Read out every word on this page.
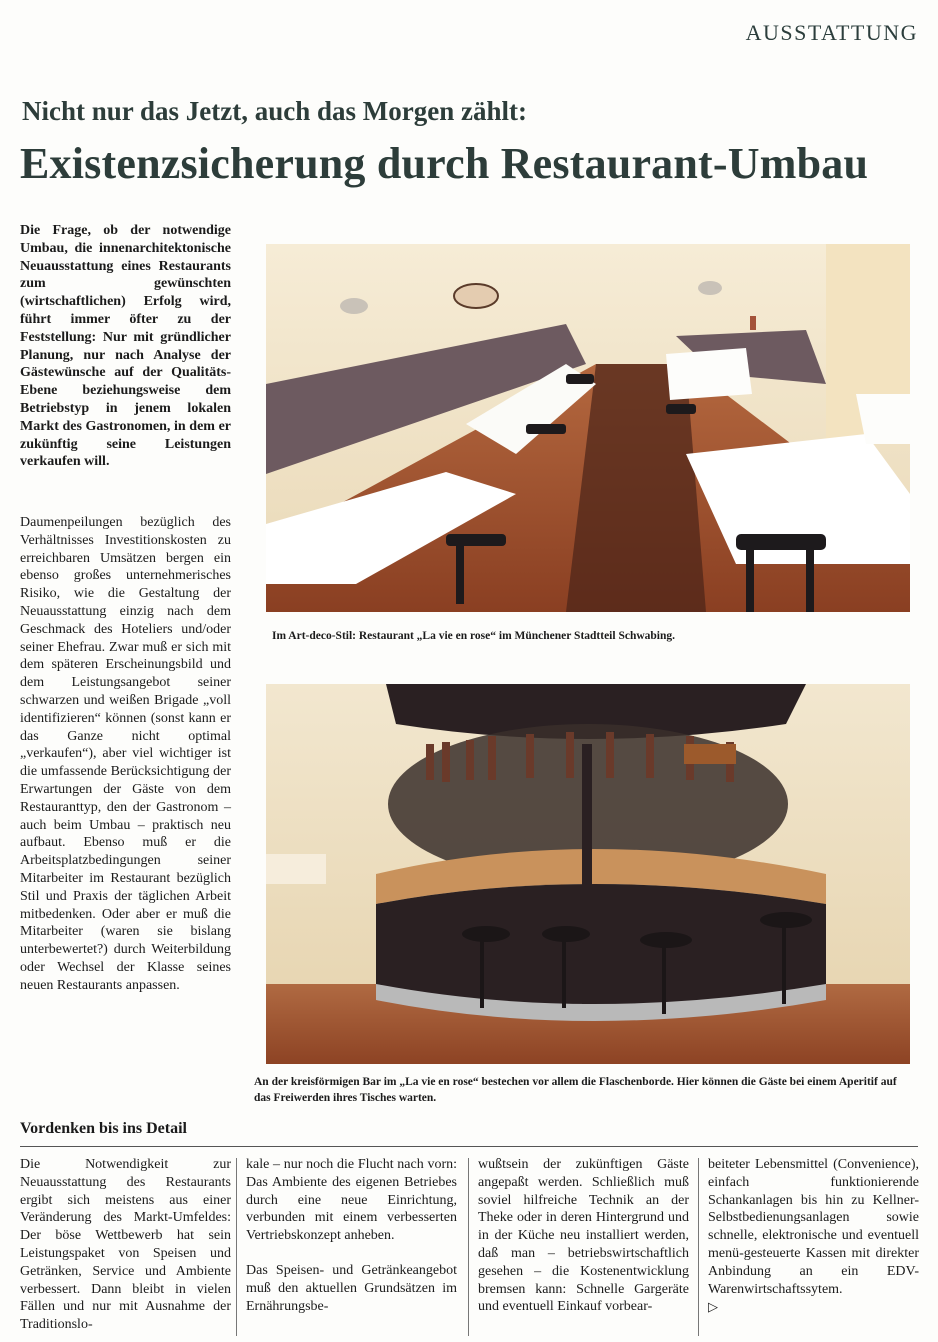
AUSSTATTUNG
Nicht nur das Jetzt, auch das Morgen zählt:
Existenzsicherung durch Restaurant-Umbau
Die Frage, ob der notwendige Umbau, die innenarchitektonische Neuausstattung eines Restaurants zum gewünschten (wirtschaftlichen) Erfolg wird, führt immer öfter zu der Feststellung: Nur mit gründlicher Planung, nur nach Analyse der Gästewünsche auf der Qualitäts-Ebene beziehungsweise dem Betriebstyp in jenem lokalen Markt des Gastronomen, in dem er zukünftig seine Leistungen verkaufen will.
Daumenpeilungen bezüglich des Verhältnisses Investitionskosten zu erreichbaren Umsätzen bergen ein ebenso großes unternehmerisches Risiko, wie die Gestaltung der Neuausstattung einzig nach dem Geschmack des Hoteliers und/oder seiner Ehefrau. Zwar muß er sich mit dem späteren Erscheinungsbild und dem Leistungsangebot seiner schwarzen und weißen Brigade „voll identifizieren“ können (sonst kann er das Ganze nicht optimal „verkaufen“), aber viel wichtiger ist die umfassende Berücksichtigung der Erwartungen der Gäste von dem Restauranttyp, den der Gastronom – auch beim Umbau – praktisch neu aufbaut. Ebenso muß er die Arbeitsplatzbedingungen seiner Mitarbeiter im Restaurant bezüglich Stil und Praxis der täglichen Arbeit mitbedenken. Oder aber er muß die Mitarbeiter (waren sie bislang unterbewertet?) durch Weiterbildung oder Wechsel der Klasse seines neuen Restaurants anpassen.
Im Art-deco-Stil: Restaurant „La vie en rose“ im Münchener Stadtteil Schwabing.
An der kreisförmigen Bar im „La vie en rose“ bestechen vor allem die Flaschenborde. Hier können die Gäste bei einem Aperitif auf das Freiwerden ihres Tisches warten.
Vordenken bis ins Detail
Die Notwendigkeit zur Neuausstattung des Restaurants ergibt sich meistens aus einer Veränderung des Markt-Umfeldes: Der böse Wettbewerb hat sein Leistungspaket von Speisen und Getränken, Service und Ambiente verbessert. Dann bleibt in vielen Fällen und nur mit Ausnahme der Traditionslo-

kale – nur noch die Flucht nach vorn: Das Ambiente des eigenen Betriebes durch eine neue Einrichtung, verbunden mit einem verbesserten Vertriebskonzept anheben.

Das Speisen- und Getränkeangebot muß den aktuellen Grundsätzen im Ernährungsbe-

wußtsein der zukünftigen Gäste angepaßt werden. Schließlich muß soviel hilfreiche Technik an der Theke oder in deren Hintergrund und in der Küche neu installiert werden, daß man – betriebswirtschaftlich gesehen – die Kostenentwicklung bremsen kann: Schnelle Gargeräte und eventuell Einkauf vorbear-

beiteter Lebensmittel (Convenience), einfach funktionierende Schankanlagen bis hin zu Kellner-Selbstbedienungsanlagen sowie schnelle, elektronische und eventuell menü-gesteuerte Kassen mit direkter Anbindung an ein EDV-Warenwirtschaftssytem.

▷
